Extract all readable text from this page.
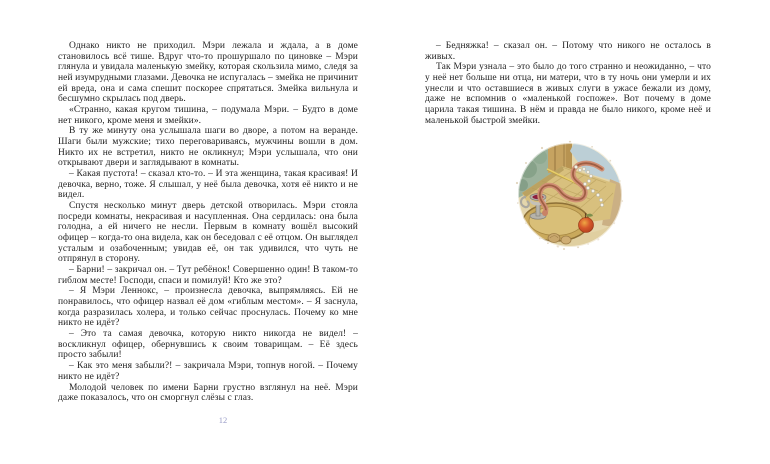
Однако никто не приходил. Мэри лежала и ждала, а в доме становилось всё тише. Вдруг что-то прошуршало по циновке – Мэри глянула и увидала маленькую змейку, которая скользила мимо, следя за ней изумрудными глазами. Девочка не испугалась – змейка не причинит ей вреда, она и сама спешит поскорее спрятаться. Змейка вильнула и бесшумно скрылась под дверь.

«Странно, какая кругом тишина, – подумала Мэри. – Будто в доме нет никого, кроме меня и змейки».

В ту же минуту она услышала шаги во дворе, а потом на веранде. Шаги были мужские; тихо переговариваясь, мужчины вошли в дом. Никто их не встретил, никто не окликнул; Мэри услышала, что они открывают двери и заглядывают в комнаты.

– Какая пустота! – сказал кто-то. – И эта женщина, такая красивая! И девочка, верно, тоже. Я слышал, у неё была девочка, хотя её никто и не видел.

Спустя несколько минут дверь детской отворилась. Мэри стояла посреди комнаты, некрасивая и насупленная. Она сердилась: она была голодна, а ей ничего не несли. Первым в комнату вошёл высокий офицер – когда-то она видела, как он беседовал с её отцом. Он выглядел усталым и озабоченным; увидав её, он так удивился, что чуть не отпрянул в сторону.

– Барни! – закричал он. – Тут ребёнок! Совершенно один! В таком-то гиблом месте! Господи, спаси и помилуй! Кто же это?

– Я Мэри Леннокс, – произнесла девочка, выпрямляясь. Ей не понравилось, что офицер назвал её дом «гиблым местом». – Я заснула, когда разразилась холера, и только сейчас проснулась. Почему ко мне никто не идёт?

– Это та самая девочка, которую никто никогда не видел! – воскликнул офицер, обернувшись к своим товарищам. – Её здесь просто забыли!

– Как это меня забыли?! – закричала Мэри, топнув ногой. – Почему никто не идёт?

Молодой человек по имени Барни грустно взглянул на неё. Мэри даже показалось, что он сморгнул слёзы с глаз.

12

– Бедняжка! – сказал он. – Потому что никого не осталось в живых.

Так Мэри узнала – это было до того странно и неожиданно, – что у неё нет больше ни отца, ни матери, что в ту ночь они умерли и их унесли и что оставшиеся в живых слуги в ужасе бежали из дому, даже не вспомнив о «маленькой госпоже». Вот почему в доме царила такая тишина. В нём и правда не было никого, кроме неё и маленькой быстрой змейки.
